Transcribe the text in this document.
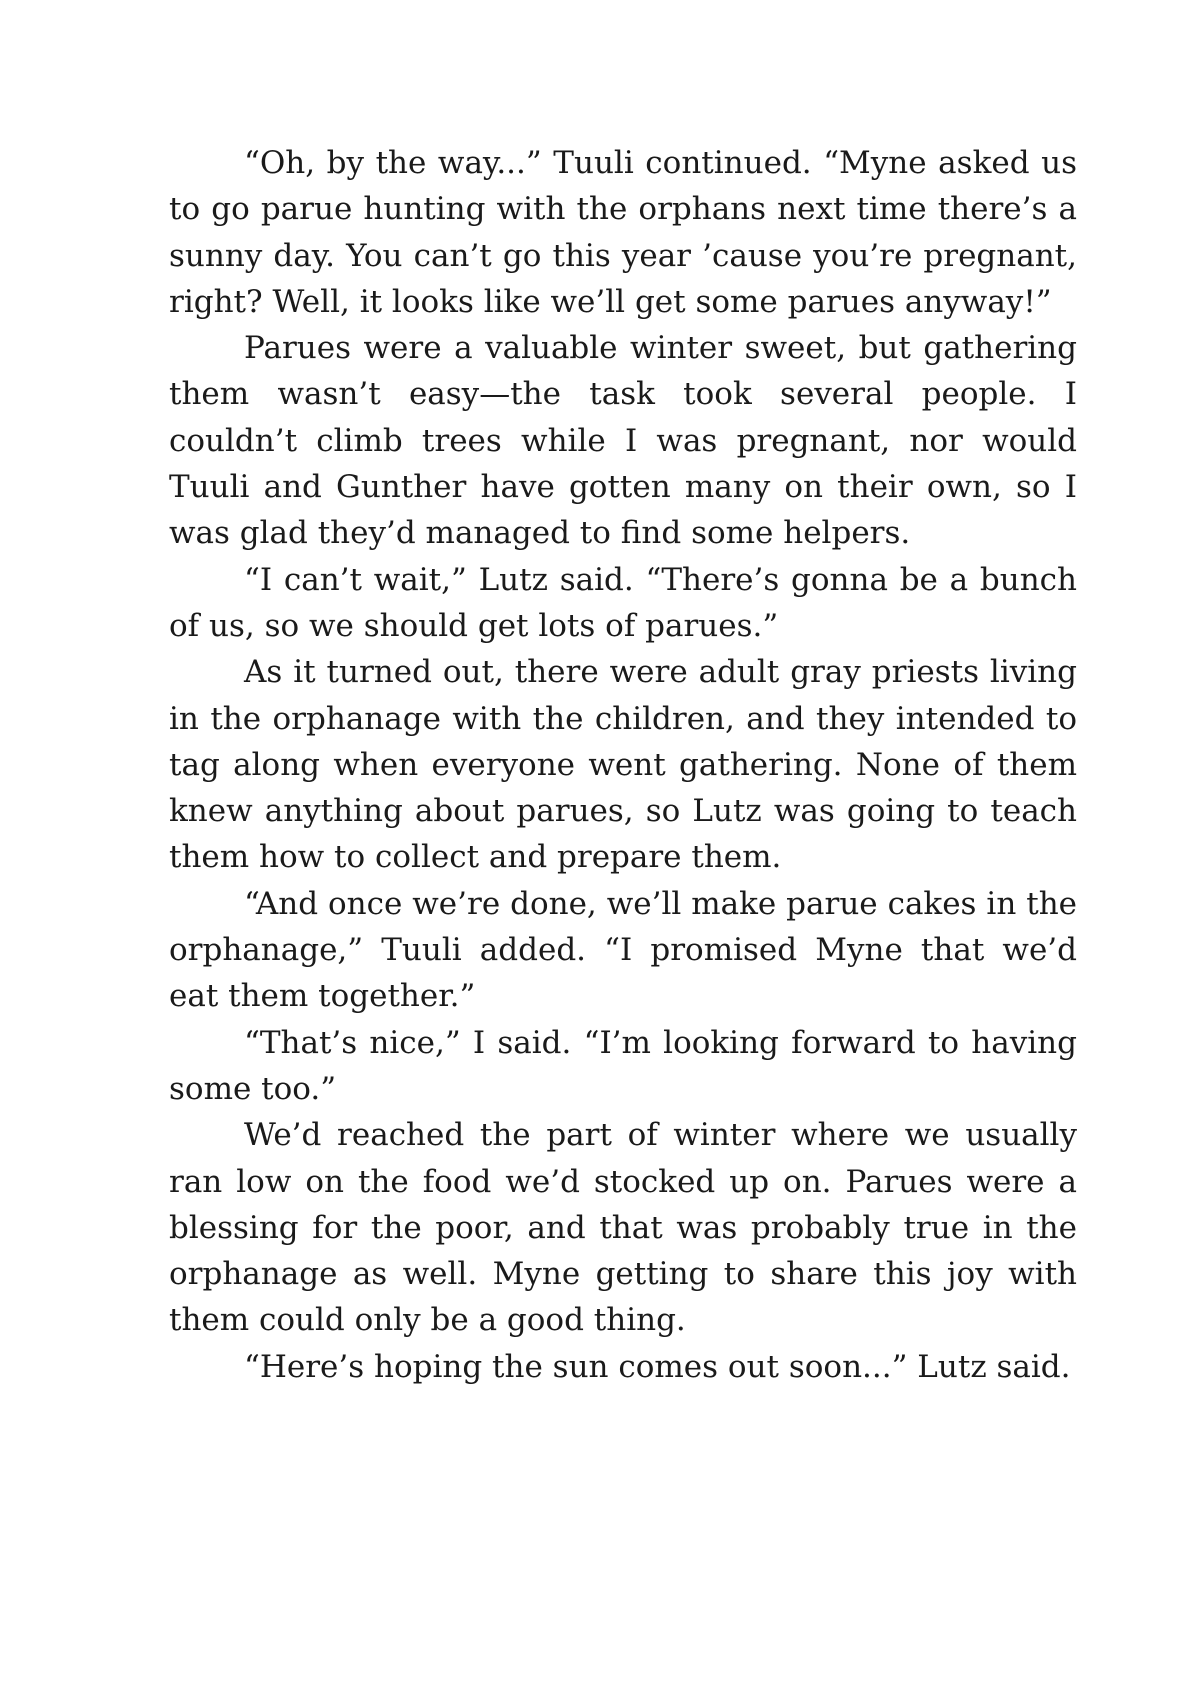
“Oh, by the way...” Tuuli continued. “Myne asked us to go parue hunting with the orphans next time there’s a sunny day. You can’t go this year ’cause you’re pregnant, right? Well, it looks like we’ll get some parues anyway!”

Parues were a valuable winter sweet, but gathering them wasn’t easy—the task took several people. I couldn’t climb trees while I was pregnant, nor would Tuuli and Gunther have gotten many on their own, so I was glad they’d managed to find some helpers.

“I can’t wait,” Lutz said. “There’s gonna be a bunch of us, so we should get lots of parues.”

As it turned out, there were adult gray priests living in the orphanage with the children, and they intended to tag along when everyone went gathering. None of them knew anything about parues, so Lutz was going to teach them how to collect and prepare them.

“And once we’re done, we’ll make parue cakes in the orphanage,” Tuuli added. “I promised Myne that we’d eat them together.”

“That’s nice,” I said. “I’m looking forward to having some too.”

We’d reached the part of winter where we usually ran low on the food we’d stocked up on. Parues were a blessing for the poor, and that was probably true in the orphanage as well. Myne getting to share this joy with them could only be a good thing.

“Here’s hoping the sun comes out soon...” Lutz said.
